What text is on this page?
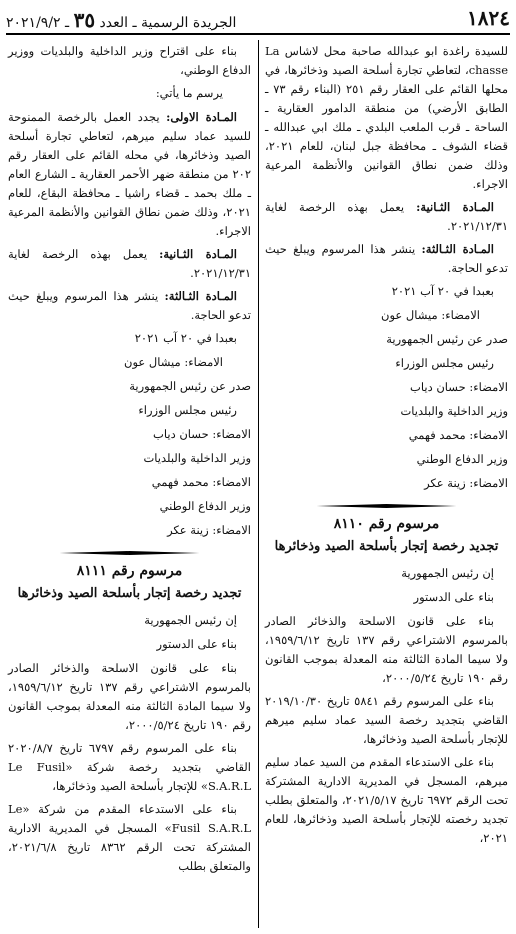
١٨٢٤
الجريدة الرسمية ـ العدد ٣٥ ـ ٢٠٢١/٩/٢

للسيدة راغدة ابو عبدالله صاحبة محل لاشاس La chasse، لتعاطي تجارة أسلحة الصيد وذخائرها، في محلها القائم على العقار رقم ٢٥١ (البناء رقم ٧٣ ـ الطابق الأرضي) من منطقة الدامور العقارية ـ الساحة ـ قرب الملعب البلدي ـ ملك ابي عبدالله ـ قضاء الشوف ـ محافظة جبل لبنان، للعام ٢٠٢١، وذلك ضمن نطاق القوانين والأنظمة المرعية الاجراء.

المـادة الثـانية: يعمل بهذه الرخصة لغاية ٢٠٢١/١٢/٣١.

المـادة الثـالثة: ينشر هذا المرسوم ويبلغ حيث تدعو الحاجة.

بعبدا في ٢٠ آب ٢٠٢١
الامضاء: ميشال عون
صدر عن رئيس الجمهورية
رئيس مجلس الوزراء
الامضاء: حسان دياب
وزير الداخلية والبلديات
الامضاء: محمد فهمي
وزير الدفاع الوطني
الامضاء: زينة عكر
مرسوم رقم ٨١١٠
تجديد رخصة إتجار بأسلحة الصيد وذخائرها
إن رئيس الجمهورية
بناء على الدستور

بناء على قانون الاسلحة والذخائر الصادر بالمرسوم الاشتراعي رقم ١٣٧ تاريخ ١٩٥٩/٦/١٢، ولا سيما المادة الثالثة منه المعدلة بموجب القانون رقم ١٩٠ تاريخ ٢٠٠٠/٥/٢٤،

بناء على المرسوم رقم ٥٨٤١ تاريخ ٢٠١٩/١٠/٣٠ القاضي بتجديد رخصة السيد عماد سليم ميرهم للإتجار بأسلحة الصيد وذخائرها،

بناء على الاستدعاء المقدم من السيد عماد سليم ميرهم، المسجل في المديرية الادارية المشتركة تحت الرقم ٦٩٧٢ تاريخ ٢٠٢١/٥/١٧، والمتعلق بطلب تجديد رخصته للإتجار بأسلحة الصيد وذخائرها، للعام ٢٠٢١،

بناء على اقتراح وزير الداخلية والبلديات ووزير الدفاع الوطني،

يرسم ما يأتي:

المـادة الاولى: يجدد العمل بالرخصة الممنوحة للسيد عماد سليم ميرهم، لتعاطي تجارة أسلحة الصيد وذخائرها، في محله القائم على العقار رقم ٢٠٢ من منطقة ضهر الأحمر العقارية ـ الشارع العام ـ ملك بحمد ـ قضاء راشيا ـ محافظة البقاع، للعام ٢٠٢١، وذلك ضمن نطاق القوانين والأنظمة المرعية الاجراء.

المـادة الثـانية: يعمل بهذه الرخصة لغاية ٢٠٢١/١٢/٣١.

المـادة الثـالثة: ينشر هذا المرسوم ويبلغ حيث تدعو الحاجة.

بعبدا في ٢٠ آب ٢٠٢١
الامضاء: ميشال عون
صدر عن رئيس الجمهورية
رئيس مجلس الوزراء
الامضاء: حسان دياب
وزير الداخلية والبلديات
الامضاء: محمد فهمي
وزير الدفاع الوطني
الامضاء: زينة عكر
مرسوم رقم ٨١١١
تجديد رخصة إتجار بأسلحة الصيد وذخائرها
إن رئيس الجمهورية
بناء على الدستور

بناء على قانون الاسلحة والذخائر الصادر بالمرسوم الاشتراعي رقم ١٣٧ تاريخ ١٩٥٩/٦/١٢، ولا سيما المادة الثالثة منه المعدلة بموجب القانون رقم ١٩٠ تاريخ ٢٠٠٠/٥/٢٤،

بناء على المرسوم رقم ٦٧٩٧ تاريخ ٢٠٢٠/٨/٧ القاضي بتجديد رخصة شركة «Le Fusil S.A.R.L» للإتجار بأسلحة الصيد وذخائرها،

بناء على الاستدعاء المقدم من شركة «Le Fusil S.A.R.L» المسجل في المديرية الادارية المشتركة تحت الرقم ٨٣٦٢ تاريخ ٢٠٢١/٦/٨، والمتعلق بطلب
